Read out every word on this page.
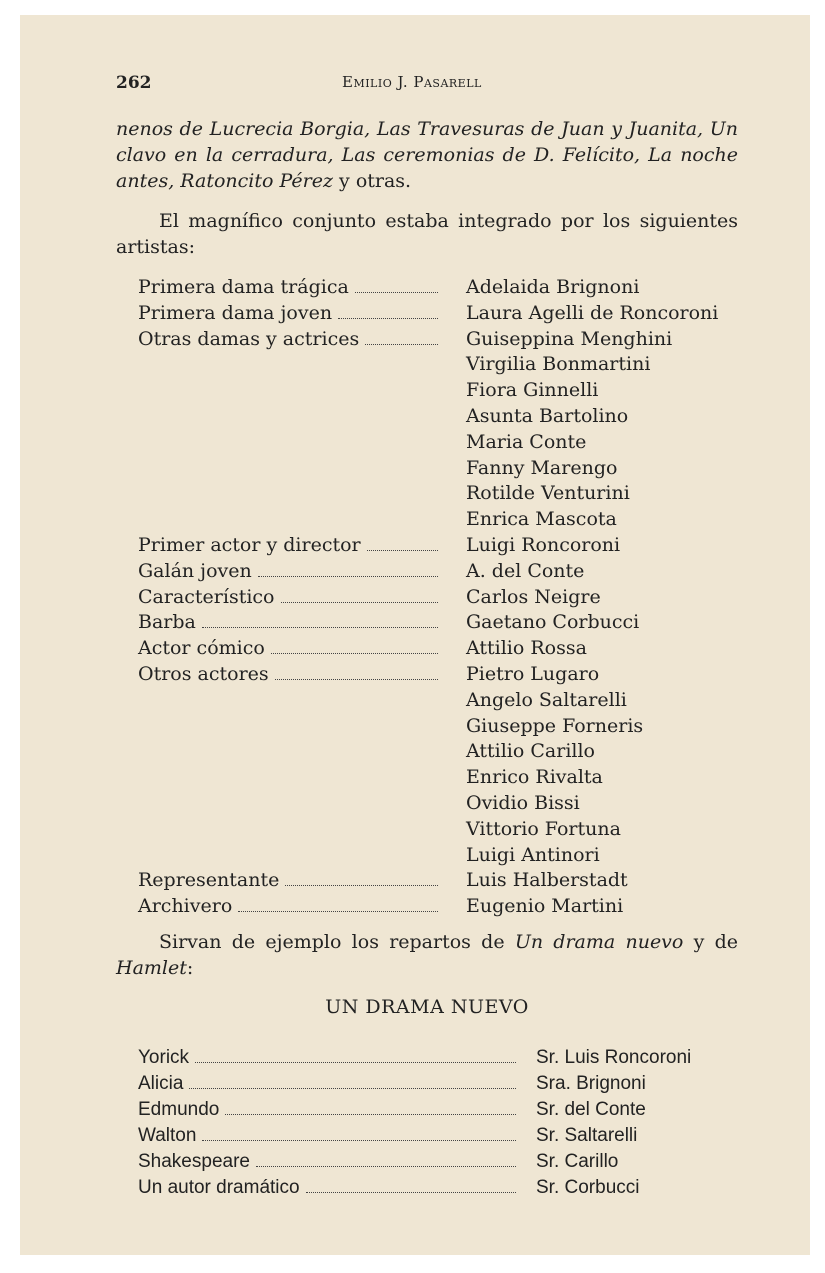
262	Emilio J. Pasarell
nenos de Lucrecia Borgia, Las Travesuras de Juan y Juanita, Un clavo en la cerradura, Las ceremonias de D. Felícito, La noche antes, Ratoncito Pérez y otras.
El magnífico conjunto estaba integrado por los siguientes artistas:
Primera dama trágica	Adelaida Brignoni
Primera dama joven	Laura Agelli de Roncoroni
Otras damas y actrices	Guiseppina Menghini
Virgilia Bonmartini
Fiora Ginnelli
Asunta Bartolino
Maria Conte
Fanny Marengo
Rotilde Venturini
Enrica Mascota
Primer actor y director	Luigi Roncoroni
Galán joven	A. del Conte
Característico	Carlos Neigre
Barba	Gaetano Corbucci
Actor cómico	Attilio Rossa
Otros actores	Pietro Lugaro
Angelo Saltarelli
Giuseppe Forneris
Attilio Carillo
Enrico Rivalta
Ovidio Bissi
Vittorio Fortuna
Luigi Antinori
Representante	Luis Halberstadt
Archivero	Eugenio Martini
Sirvan de ejemplo los repartos de Un drama nuevo y de Hamlet:
UN DRAMA NUEVO
Yorick	Sr. Luis Roncoroni
Alicia	Sra. Brignoni
Edmundo	Sr. del Conte
Walton	Sr. Saltarelli
Shakespeare	Sr. Carillo
Un autor dramático	Sr. Corbucci
